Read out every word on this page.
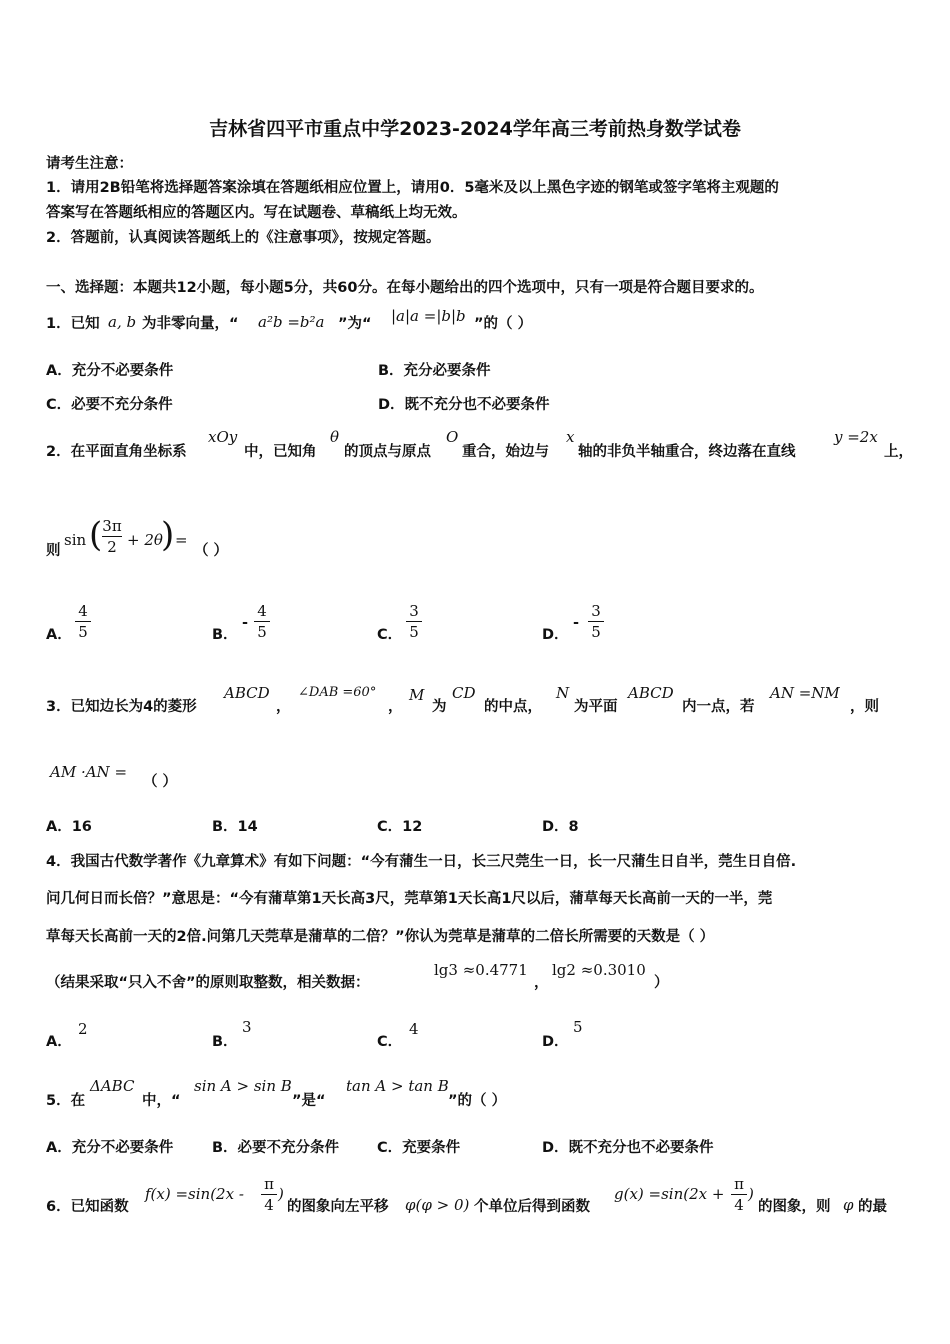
吉林省四平市重点中学2023-2024学年高三考前热身数学试卷
请考生注意：
1．请用2B铅笔将选择题答案涂填在答题纸相应位置上，请用0．5毫米及以上黑色字迹的钢笔或签字笔将主观题的
答案写在答题纸相应的答题区内。写在试题卷、草稿纸上均无效。
2．答题前，认真阅读答题纸上的《注意事项》，按规定答题。
一、选择题：本题共12小题，每小题5分，共60分。在每小题给出的四个选项中，只有一项是符合题目要求的。
1．已知 a, b 为非零向量，“ a²b =b²a ”为“ |a|a =|b|b ”的（ ）
A．充分不必要条件	B．充分必要条件
C．必要不充分条件	D．既不充分也不必要条件
2．在平面直角坐标系
xOy
中，已知角
θ
的顶点与原点
O
重合，始边与
x
轴的非负半轴重合，终边落在直线
y =2x
上，
则
sin ( $\frac{3\pi}{2} + 2\theta$
) =
（ ）
A． $\frac{4}{5}$	B．
- $\frac{4}{5}$	C． $\frac{3}{5}$	D．
- $\frac{3}{5}$
3．已知边长为4的菱形
ABCD
，
∠DAB =60°
，
M
为
CD
的中点，
N
为平面
ABCD
内一点，若
AN =NM
，则
AM ·AN =
（ ）
A．16	B．14	C．12	D．8
4．我国古代数学著作《九章算术》有如下问题：“今有蒲生一日，长三尺莞生一日，长一尺蒲生日自半，莞生日自倍.
问几何日而长倍？”意思是：“今有蒲草第1天长高3尺，莞草第1天长高1尺以后，蒲草每天长高前一天的一半，莞
草每天长高前一天的2倍.问第几天莞草是蒲草的二倍？”你认为莞草是蒲草的二倍长所需要的天数是（ ）
（结果采取“只入不舍”的原则取整数，相关数据：
lg3 ≈0.4771
，
lg2 ≈0.3010
）
A．
2
B．
3
C．
4
D．
5
5．在
ΔABC
中，“
sin A > sin B
”是“
tan A > tan B
”的（ ）
A．充分不必要条件	B．必要不充分条件	C．充要条件	D．既不充分也不必要条件
6．已知函数
$f(x) =\sin(2x - \frac{\pi}{4}$ )
的图象向左平移 φ(φ > 0) 个单位后得到函数
$g(x) =\sin(2x + \frac{\pi}{4}$ )
的图象，则 φ 的最
